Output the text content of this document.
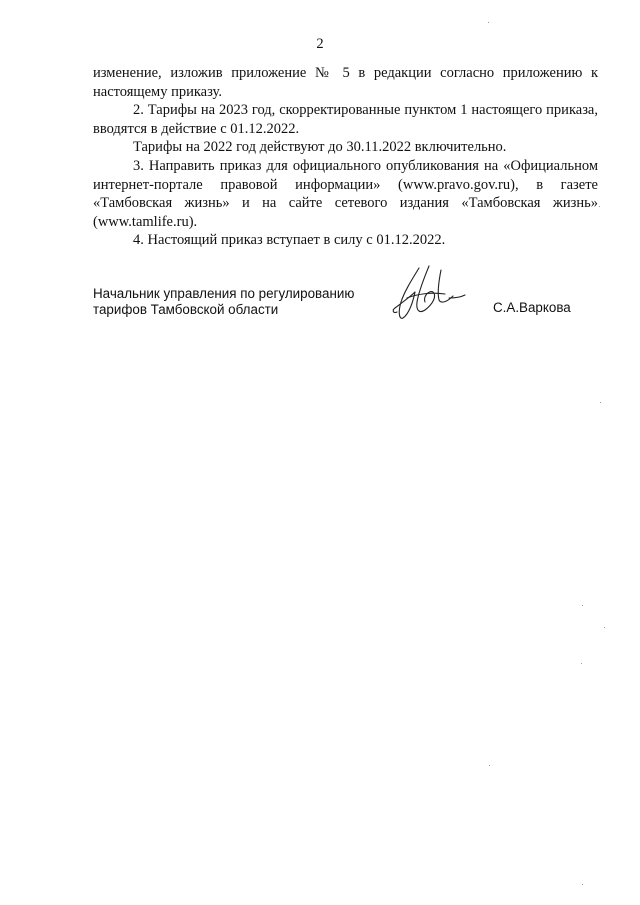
2

изменение, изложив приложение № 5 в редакции согласно приложению к настоящему приказу.

2. Тарифы на 2023 год, скорректированные пунктом 1 настоящего приказа, вводятся в действие с 01.12.2022.

Тарифы на 2022 год действуют до 30.11.2022 включительно.

3. Направить приказ для официального опубликования на «Официальном интернет-портале правовой информации» (www.pravo.gov.ru), в газете «Тамбовская жизнь» и на сайте сетевого издания «Тамбовская жизнь» (www.tamlife.ru).

4. Настоящий приказ вступает в силу с 01.12.2022.

Начальник управления по регулированию
тарифов Тамбовской области	С.А.Варкова
